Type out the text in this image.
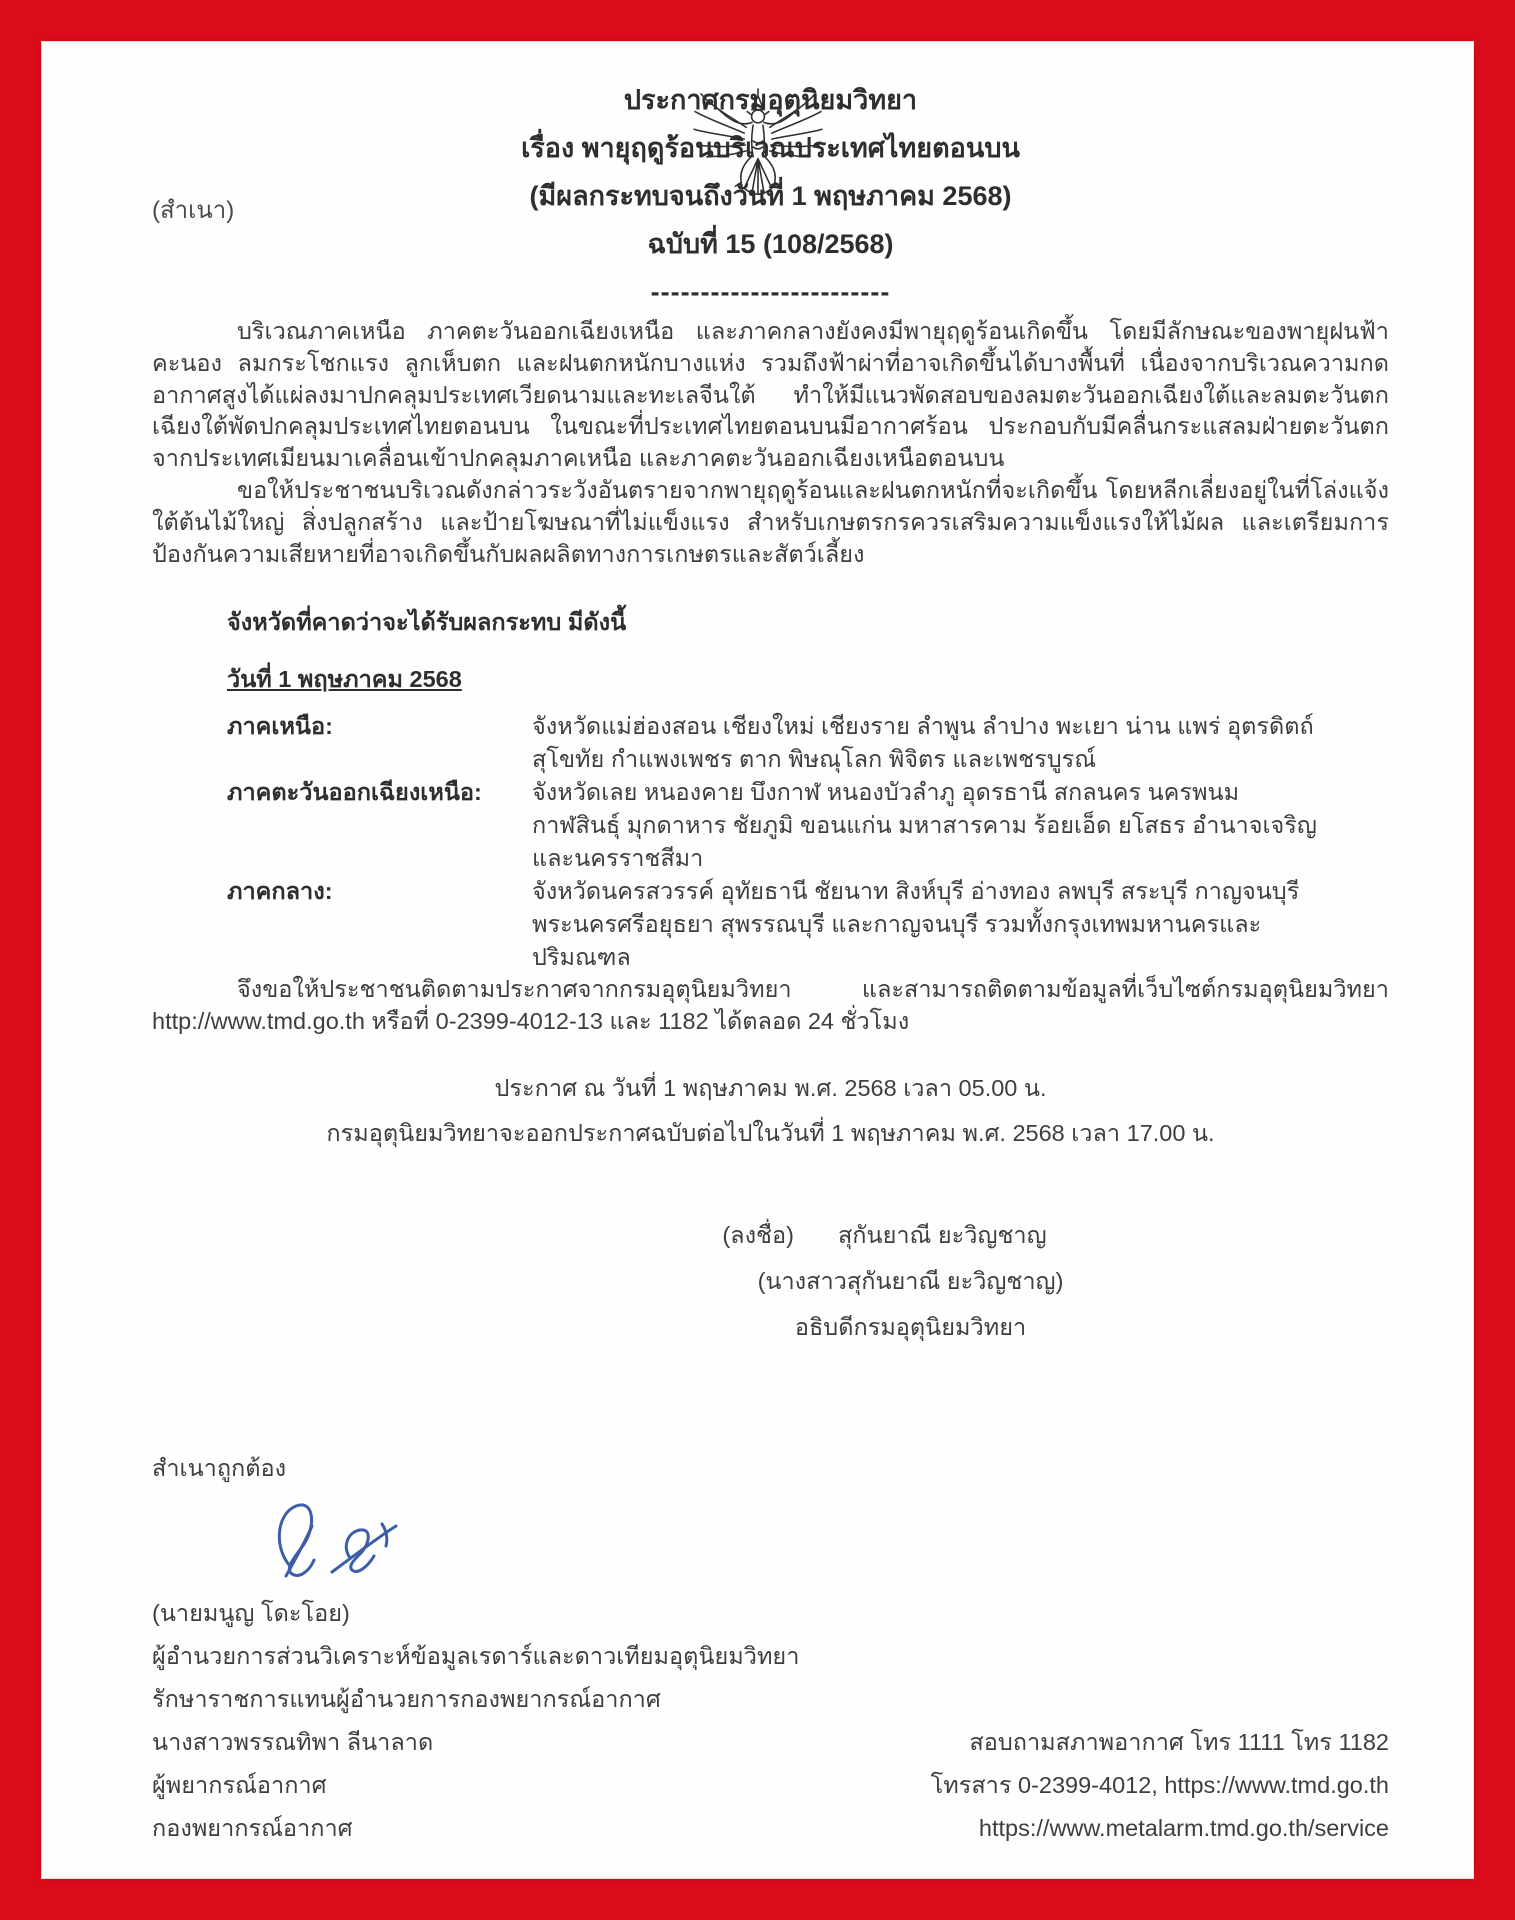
(สำเนา)
ประกาศกรมอุตุนิยมวิทยา
เรื่อง พายุฤดูร้อนบริเวณประเทศไทยตอนบน
(มีผลกระทบจนถึงวันที่ 1 พฤษภาคม 2568)
ฉบับที่ 15 (108/2568)
------------------------

บริเวณภาคเหนือ ภาคตะวันออกเฉียงเหนือ และภาคกลางยังคงมีพายุฤดูร้อนเกิดขึ้น โดยมีลักษณะของพายุฝนฟ้าคะนอง ลมกระโชกแรง ลูกเห็บตก และฝนตกหนักบางแห่ง รวมถึงฟ้าผ่าที่อาจเกิดขึ้นได้บางพื้นที่ เนื่องจากบริเวณความกดอากาศสูงได้แผ่ลงมาปกคลุมประเทศเวียดนามและทะเลจีนใต้ ทำให้มีแนวพัดสอบของลมตะวันออกเฉียงใต้และลมตะวันตกเฉียงใต้พัดปกคลุมประเทศไทยตอนบน ในขณะที่ประเทศไทยตอนบนมีอากาศร้อน ประกอบกับมีคลื่นกระแสลมฝ่ายตะวันตกจากประเทศเมียนมาเคลื่อนเข้าปกคลุมภาคเหนือ และภาคตะวันออกเฉียงเหนือตอนบน

ขอให้ประชาชนบริเวณดังกล่าวระวังอันตรายจากพายุฤดูร้อนและฝนตกหนักที่จะเกิดขึ้น โดยหลีกเลี่ยงอยู่ในที่โล่งแจ้ง ใต้ต้นไม้ใหญ่ สิ่งปลูกสร้าง และป้ายโฆษณาที่ไม่แข็งแรง สำหรับเกษตรกรควรเสริมความแข็งแรงให้ไม้ผล และเตรียมการป้องกันความเสียหายที่อาจเกิดขึ้นกับผลผลิตทางการเกษตรและสัตว์เลี้ยง

จังหวัดที่คาดว่าจะได้รับผลกระทบ มีดังนี้
วันที่ 1 พฤษภาคม 2568
ภาคเหนือ:	จังหวัดแม่ฮ่องสอน เชียงใหม่ เชียงราย ลำพูน ลำปาง พะเยา น่าน แพร่ อุตรดิตถ์ สุโขทัย กำแพงเพชร ตาก พิษณุโลก พิจิตร และเพชรบูรณ์
ภาคตะวันออกเฉียงเหนือ:	จังหวัดเลย หนองคาย บึงกาฬ หนองบัวลำภู อุดรธานี สกลนคร นครพนม กาฬสินธุ์ มุกดาหาร ชัยภูมิ ขอนแก่น มหาสารคาม ร้อยเอ็ด ยโสธร อำนาจเจริญ และนครราชสีมา
ภาคกลาง:	จังหวัดนครสวรรค์ อุทัยธานี ชัยนาท สิงห์บุรี อ่างทอง ลพบุรี สระบุรี กาญจนบุรี พระนครศรีอยุธยา สุพรรณบุรี และกาญจนบุรี รวมทั้งกรุงเทพมหานครและปริมณฑล

จึงขอให้ประชาชนติดตามประกาศจากกรมอุตุนิยมวิทยา และสามารถติดตามข้อมูลที่เว็บไซต์กรมอุตุนิยมวิทยา http://www.tmd.go.th หรือที่ 0-2399-4012-13 และ 1182 ได้ตลอด 24 ชั่วโมง

ประกาศ ณ วันที่ 1 พฤษภาคม พ.ศ. 2568 เวลา 05.00 น.
กรมอุตุนิยมวิทยาจะออกประกาศฉบับต่อไปในวันที่ 1 พฤษภาคม พ.ศ. 2568 เวลา 17.00 น.
(ลงชื่อ) สุกันยาณี ยะวิญชาญ
(นางสาวสุกันยาณี ยะวิญชาญ)
อธิบดีกรมอุตุนิยมวิทยา
สำเนาถูกต้อง
(นายมนูญ โดะโอย)
ผู้อำนวยการส่วนวิเคราะห์ข้อมูลเรดาร์และดาวเทียมอุตุนิยมวิทยา
รักษาราชการแทนผู้อำนวยการกองพยากรณ์อากาศ
นางสาวพรรณทิพา ลีนาลาด
ผู้พยากรณ์อากาศ
กองพยากรณ์อากาศ
สอบถามสภาพอากาศ โทร 1111 โทร 1182
โทรสาร 0-2399-4012, https://www.tmd.go.th
https://www.metalarm.tmd.go.th/service
